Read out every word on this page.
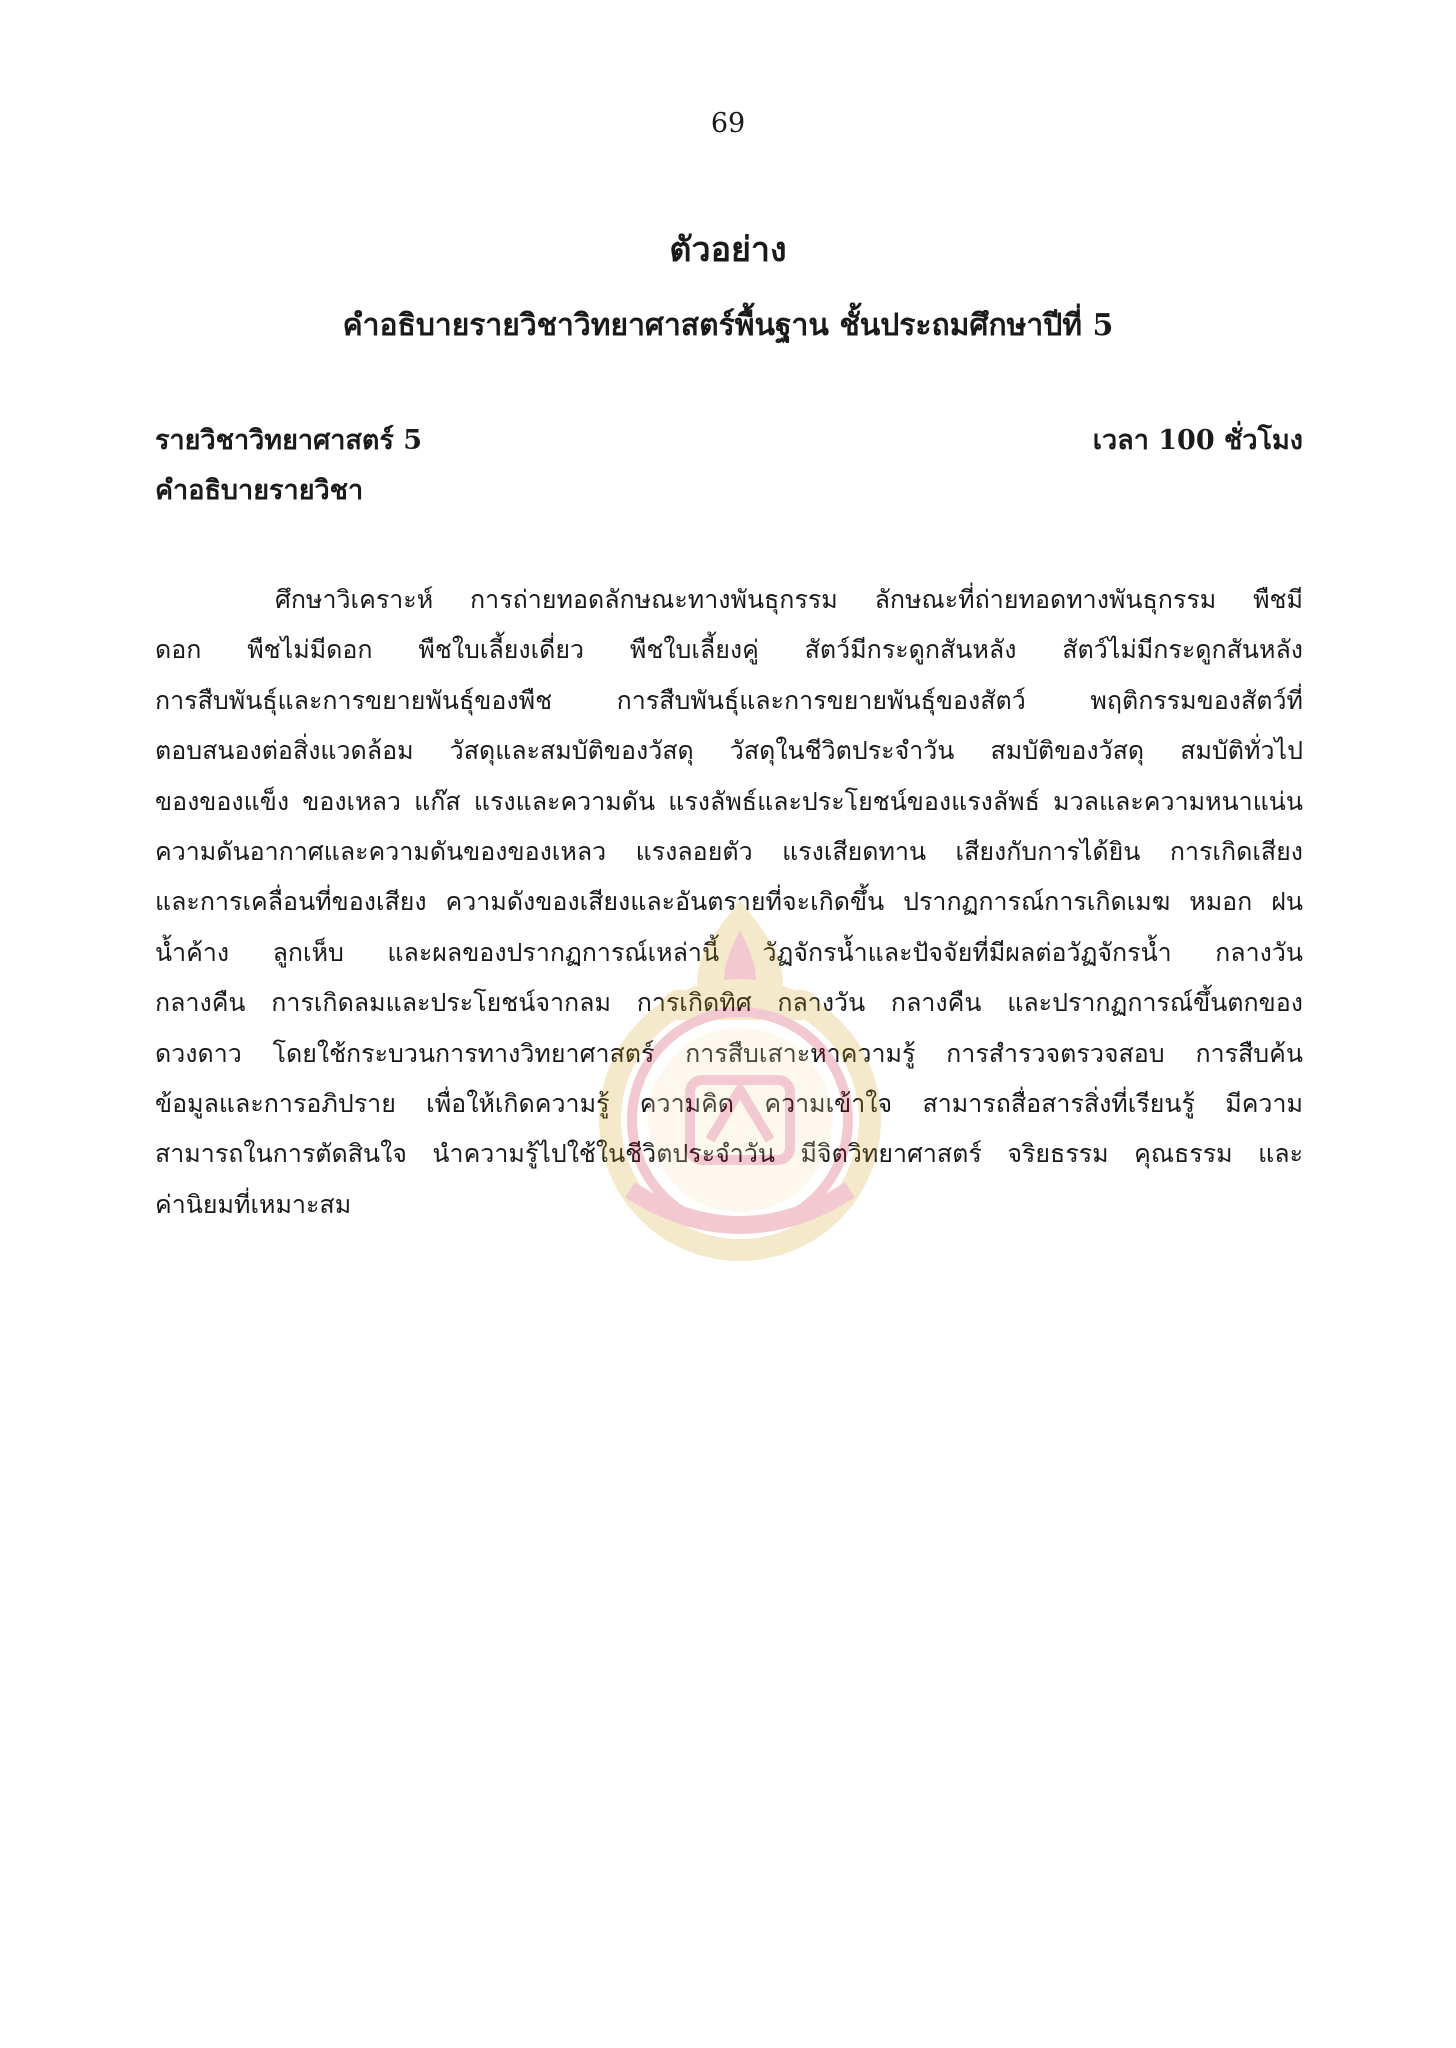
69
ตัวอย่าง
คำอธิบายรายวิชาวิทยาศาสตร์พื้นฐาน ชั้นประถมศึกษาปีที่ 5
รายวิชาวิทยาศาสตร์ 5	เวลา 100 ชั่วโมง
คำอธิบายรายวิชา
ศึกษาวิเคราะห์ การถ่ายทอดลักษณะทางพันธุกรรม ลักษณะที่ถ่ายทอดทางพันธุกรรม พืชมี
ดอก พืชไม่มีดอก พืชใบเลี้ยงเดี่ยว พืชใบเลี้ยงคู่ สัตว์มีกระดูกสันหลัง สัตว์ไม่มีกระดูกสันหลัง
การสืบพันธุ์และการขยายพันธุ์ของพืช การสืบพันธุ์และการขยายพันธุ์ของสัตว์ พฤติกรรมของสัตว์ที่
ตอบสนองต่อสิ่งแวดล้อม วัสดุและสมบัติของวัสดุ วัสดุในชีวิตประจำวัน สมบัติของวัสดุ สมบัติทั่วไป
ของของแข็ง ของเหลว แก๊ส แรงและความดัน แรงลัพธ์และประโยชน์ของแรงลัพธ์ มวลและความหนาแน่น
ความดันอากาศและความดันของของเหลว แรงลอยตัว แรงเสียดทาน เสียงกับการได้ยิน การเกิดเสียง
และการเคลื่อนที่ของเสียง ความดังของเสียงและอันตรายที่จะเกิดขึ้น ปรากฏการณ์การเกิดเมฆ หมอก ฝน
น้ำค้าง ลูกเห็บ และผลของปรากฏการณ์เหล่านี้ วัฏจักรน้ำและปัจจัยที่มีผลต่อวัฏจักรน้ำ กลางวัน
กลางคืน การเกิดลมและประโยชน์จากลม การเกิดทิศ กลางวัน กลางคืน และปรากฏการณ์ขึ้นตกของ
ดวงดาว โดยใช้กระบวนการทางวิทยาศาสตร์ การสืบเสาะหาความรู้ การสำรวจตรวจสอบ การสืบค้น
ข้อมูลและการอภิปราย เพื่อให้เกิดความรู้ ความคิด ความเข้าใจ สามารถสื่อสารสิ่งที่เรียนรู้ มีความ
สามารถในการตัดสินใจ นำความรู้ไปใช้ในชีวิตประจำวัน มีจิตวิทยาศาสตร์ จริยธรรม คุณธรรม และ
ค่านิยมที่เหมาะสม
